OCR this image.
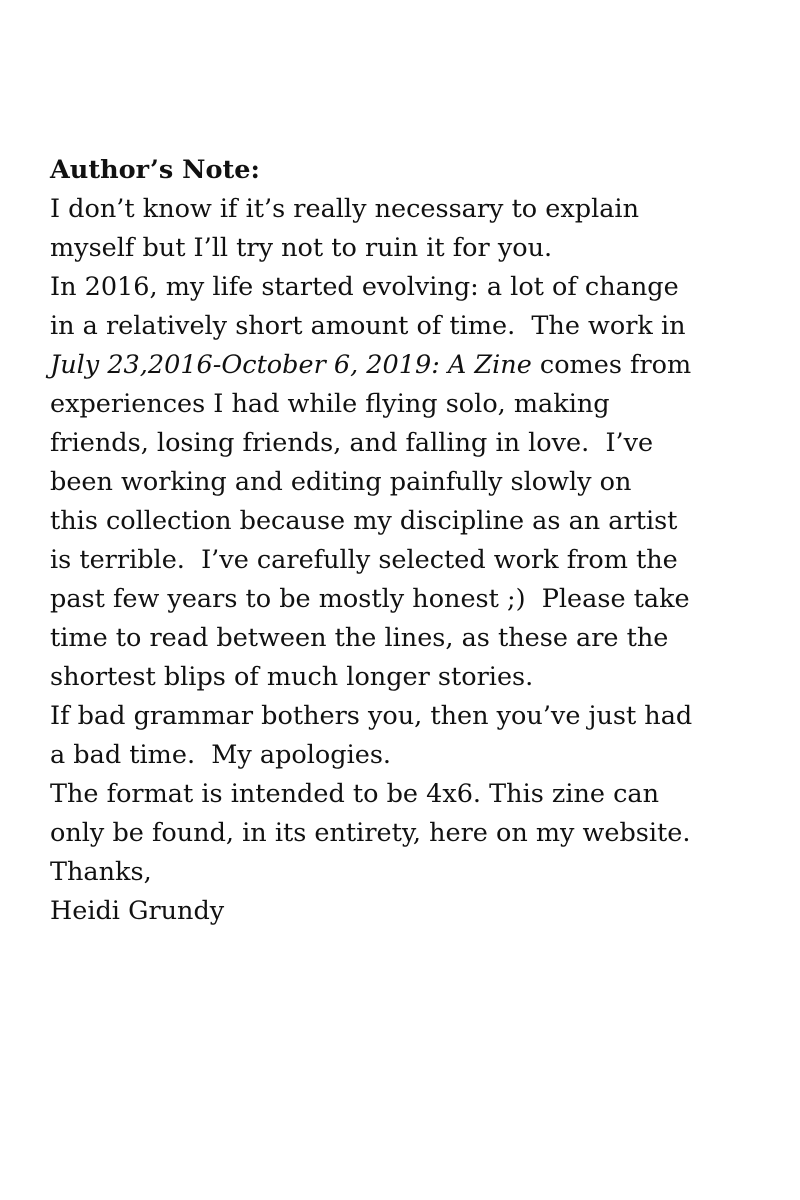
Author’s Note:
I don’t know if it’s really necessary to explain
myself but I’ll try not to ruin it for you.
In 2016, my life started evolving: a lot of change
in a relatively short amount of time.  The work in
July 23,2016-October 6, 2019: A Zine comes from
experiences I had while flying solo, making
friends, losing friends, and falling in love.  I’ve
been working and editing painfully slowly on
this collection because my discipline as an artist
is terrible.  I’ve carefully selected work from the
past few years to be mostly honest ;)  Please take
time to read between the lines, as these are the
shortest blips of much longer stories.
If bad grammar bothers you, then you’ve just had
a bad time.  My apologies.
The format is intended to be 4x6. This zine can
only be found, in its entirety, here on my website.
Thanks,
Heidi Grundy
